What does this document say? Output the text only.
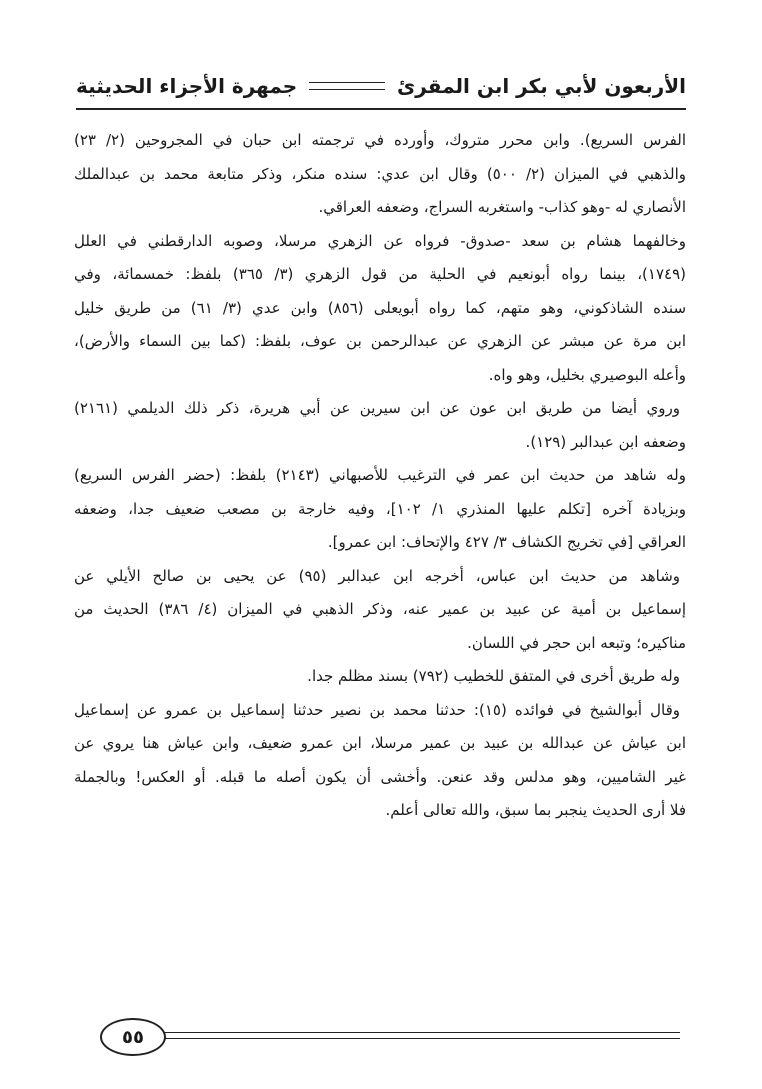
جمهرة الأجزاء الحديثية	الأربعون لأبي بكر ابن المقرئ
الفرس السريع). وابن محرر متروك، وأورده في ترجمته ابن حبان في المجروحين (٢/ ٢٣)
والذهبي في الميزان (٢/ ٥٠٠) وقال ابن عدي: سنده منكر، وذكر متابعة محمد بن عبدالملك
الأنصاري له -وهو كذاب- واستغربه السراج، وضعفه العراقي.
وخالفهما هشام بن سعد -صدوق- فرواه عن الزهري مرسلا، وصوبه الدارقطني في العلل
(١٧٤٩)، بينما رواه أبونعيم في الحلية من قول الزهري (٣/ ٣٦٥) بلفظ: خمسمائة، وفي
سنده الشاذكوني، وهو متهم، كما رواه أبويعلى (٨٥٦) وابن عدي (٣/ ٦١) من طريق خليل
ابن مرة عن مبشر عن الزهري عن عبدالرحمن بن عوف، بلفظ: (كما بين السماء والأرض)،
وأعله البوصيري بخليل، وهو واه.
وروي أيضا من طريق ابن عون عن ابن سيرين عن أبي هريرة، ذكر ذلك الديلمي (٢١٦١)
وضعفه ابن عبدالبر (١٢٩).
وله شاهد من حديث ابن عمر في الترغيب للأصبهاني (٢١٤٣) بلفظ: (حضر الفرس السريع)
وبزيادة آخره [تكلم عليها المنذري ١/ ١٠٢]، وفيه خارجة بن مصعب ضعيف جدا، وضعفه
العراقي [في تخريج الكشاف ٣/ ٤٢٧ والإتحاف: ابن عمرو].
وشاهد من حديث ابن عباس، أخرجه ابن عبدالبر (٩٥) عن يحيى بن صالح الأيلي عن
إسماعيل بن أمية عن عبيد بن عمير عنه، وذكر الذهبي في الميزان (٤/ ٣٨٦) الحديث من
مناكيره؛ وتبعه ابن حجر في اللسان.
وله طريق أخرى في المتفق للخطيب (٧٩٢) بسند مظلم جدا.
وقال أبوالشيخ في فوائده (١٥): حدثنا محمد بن نصير حدثنا إسماعيل بن عمرو عن إسماعيل
ابن عياش عن عبدالله بن عبيد بن عمير مرسلا، ابن عمرو ضعيف، وابن عياش هنا يروي عن
غير الشاميين، وهو مدلس وقد عنعن. وأخشى أن يكون أصله ما قبله. أو العكس! وبالجملة
فلا أرى الحديث ينجبر بما سبق، والله تعالى أعلم.
٥٥
